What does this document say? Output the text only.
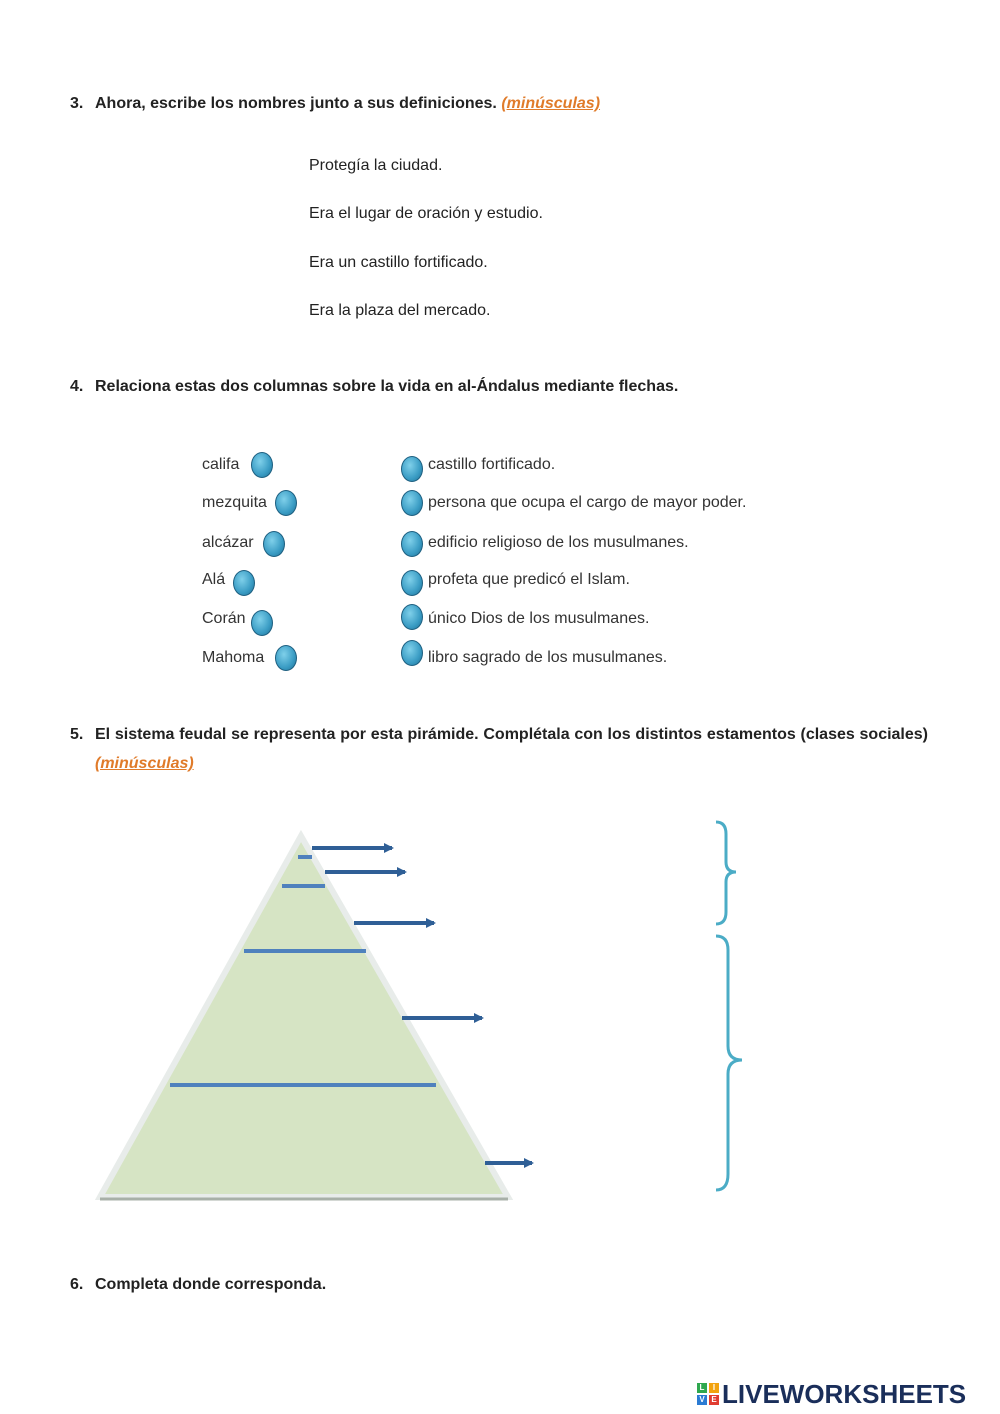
3. Ahora, escribe los nombres junto a sus definiciones. (minúsculas)
Protegía la ciudad.
Era el lugar de oración y estudio.
Era un castillo fortificado.
Era la plaza del mercado.
4. Relaciona estas dos columnas sobre la vida en al-Ándalus mediante flechas.
califa
mezquita
alcázar
Alá
Corán
Mahoma
castillo fortificado.
persona que ocupa el cargo de mayor poder.
edificio religioso de los musulmanes.
profeta que predicó el Islam.
único Dios de los musulmanes.
libro sagrado de los musulmanes.
5. El sistema feudal se representa por esta pirámide. Complétala con los distintos estamentos (clases sociales) (minúsculas)
6. Completa donde corresponda.
L	I
V E LIVEWORKSHEETS
